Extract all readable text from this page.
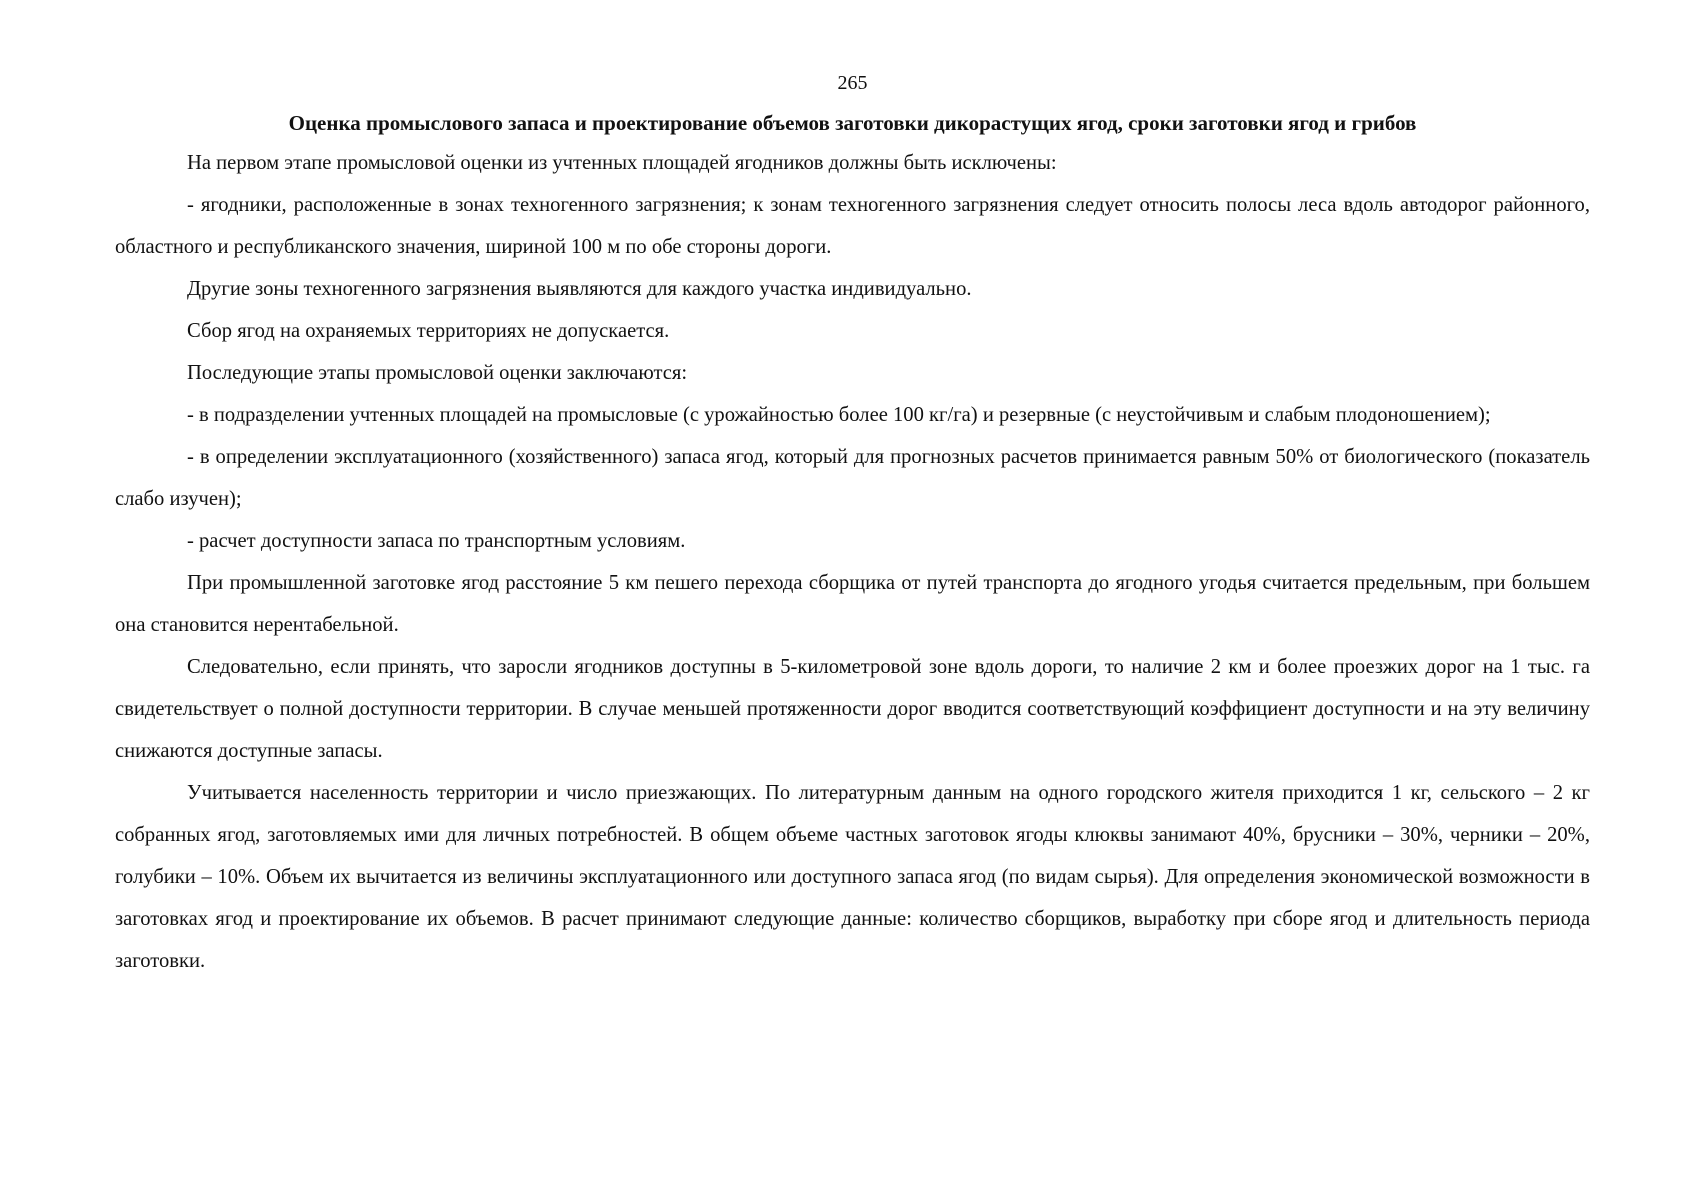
265
Оценка промыслового запаса и проектирование объемов заготовки дикорастущих ягод, сроки заготовки ягод и грибов

На первом этапе промысловой оценки из учтенных площадей ягодников должны быть исключены:

- ягодники, расположенные в зонах техногенного загрязнения; к зонам техногенного загрязнения следует относить полосы леса вдоль автодорог районного, областного и республиканского значения, шириной 100 м по обе стороны дороги.

Другие зоны техногенного загрязнения выявляются для каждого участка индивидуально.

Сбор ягод на охраняемых территориях не допускается.

Последующие этапы промысловой оценки заключаются:

- в подразделении учтенных площадей на промысловые (с урожайностью более 100 кг/га) и резервные (с неустойчивым и слабым плодоношением);

- в определении эксплуатационного (хозяйственного) запаса ягод, который для прогнозных расчетов принимается равным 50% от биологического (показатель слабо изучен);

- расчет доступности запаса по транспортным условиям.

При промышленной заготовке ягод расстояние 5 км пешего перехода сборщика от путей транспорта до ягодного угодья считается предельным, при большем она становится нерентабельной.

Следовательно, если принять, что заросли ягодников доступны в 5-километровой зоне вдоль дороги, то наличие 2 км и более проезжих дорог на 1 тыс. га свидетельствует о полной доступности территории. В случае меньшей протяженности дорог вводится соответствующий коэффициент доступности и на эту величину снижаются доступные запасы.

Учитывается населенность территории и число приезжающих. По литературным данным на одного городского жителя приходится 1 кг, сельского – 2 кг собранных ягод, заготовляемых ими для личных потребностей. В общем объеме частных заготовок ягоды клюквы занимают 40%, брусники – 30%, черники – 20%, голубики – 10%. Объем их вычитается из величины эксплуатационного или доступного запаса ягод (по видам сырья). Для определения экономической возможности в заготовках ягод и проектирование их объемов. В расчет принимают следующие данные: количество сборщиков, выработку при сборе ягод и длительность периода заготовки.
